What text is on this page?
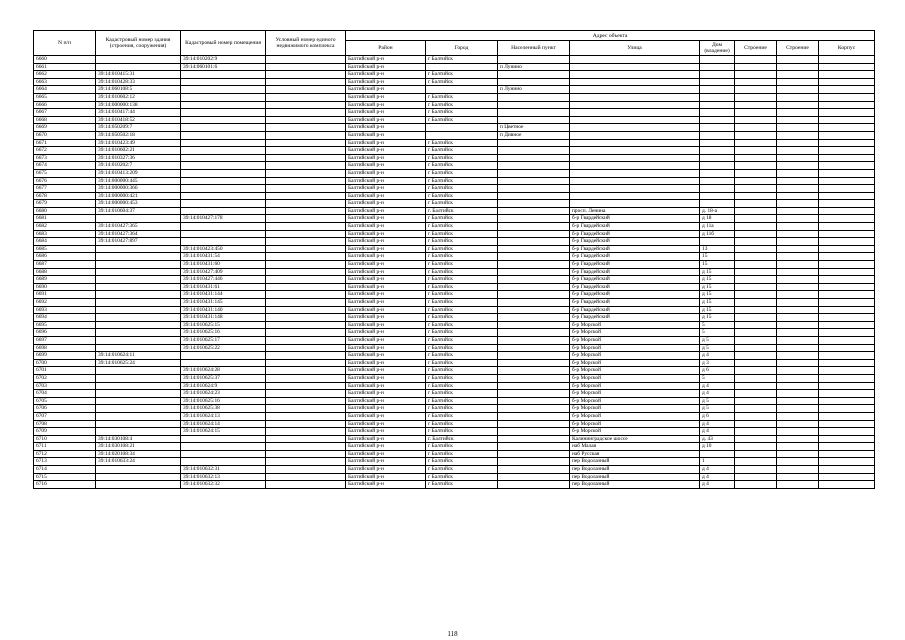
N п/п	Кадастровый номер здания (строения, сооружения)	Кадастровый номер помещения	Условный номер единого недвижимого комплекса	Адрес объекта							
				Район	Город	Населенный пункт	Улица	Дом (владение)	Строение	Строение	Корпус
6660		39:14:010202:9		Балтийский р-н	г Балтийск						
6661		39:14:060101:6		Балтийский р-н		п Лунино					
6662	39:14:010415:31			Балтийский р-н	г Балтийск						
6663	39:14:010428:33			Балтийский р-н	г Балтийск						
6664	39:14:060108:5			Балтийский р-н		п Лунино					
6665	39:14:010602:12			Балтийский р-н	г Балтийск						
6666	39:14:000000:138			Балтийский р-н	г Балтийск						
6667	39:14:010417:44			Балтийский р-н	г Балтийск						
6668	39:14:010418:52			Балтийский р-н	г Балтийск						
6669	39:14:050209:7			Балтийский р-н		п Цветное					
6670	39:14:050502:18			Балтийский р-н		п Дивное					
6671	39:14:010423:49			Балтийский р-н	г Балтийск						
6672	39:14:010602:21			Балтийский р-н	г Балтийск						
6673	39:14:010327:36			Балтийский р-н	г Балтийск						
6674	39:14:010202:7			Балтийский р-н	г Балтийск						
6675	39:14:010413:209			Балтийский р-н	г Балтийск						
6676	39:14:000000:445			Балтийский р-н	г Балтийск						
6677	39:14:000000:366			Балтийский р-н	г Балтийск						
6678	39:14:000000:421			Балтийский р-н	г Балтийск						
6679	39:14:000000:453			Балтийский р-н	г Балтийск						
6680	39:14:010604:37			Балтийский р-н	г. Балтийск		просп. Ленина	д. 18-а			
6681		39:14:010427:178		Балтийский р-н	г Балтийск		б-р Гвардейский	д 18			
6682	39:14:010427:365			Балтийский р-н	г Балтийск		б-р Гвардейский	д 11а			
6683	39:14:010427:364			Балтийский р-н	г Балтийск		б-р Гвардейский	д 11б			
6684	39:14:010427:897			Балтийский р-н	г Балтийск		б-р Гвардейский				
6685		39:14:010423:450		Балтийский р-н	г Балтийск		б-р Гвардейский	13			
6686		39:14:010431:54		Балтийский р-н	г Балтийск		б-р Гвардейский	15			
6687		39:14:010431:60		Балтийский р-н	г Балтийск		б-р Гвардейский	15			
6688		39:14:010427:409		Балтийский р-н	г Балтийск		б-р Гвардейский	д 15			
6689		39:14:010427:446		Балтийский р-н	г Балтийск		б-р Гвардейский	д 15			
6690		39:14:010431:61		Балтийский р-н	г Балтийск		б-р Гвардейский	д 15			
6691		39:14:010431:144		Балтийский р-н	г Балтийск		б-р Гвардейский	д 15			
6692		39:14:010431:145		Балтийский р-н	г Балтийск		б-р Гвардейский	д 15			
6693		39:14:010431:140		Балтийский р-н	г Балтийск		б-р Гвардейский	д 15			
6694		39:14:010431:148		Балтийский р-н	г Балтийск		б-р Гвардейский	д 15			
6695		39:14:010625:15		Балтийский р-н	г Балтийск		б-р Морской	5			
6696		39:14:010625:16		Балтийский р-н	г Балтийск		б-р Морской	5			
6697		39:14:010625:17		Балтийский р-н	г Балтийск		б-р Морской	д 5			
6698		39:14:010625:22		Балтийский р-н	г Балтийск		б-р Морской	д 5			
6699	39:14:010624:11			Балтийский р-н	г Балтийск		б-р Морской	д 4			
6700	39:14:010625:24			Балтийский р-н	г Балтийск		б-р Морской	д 3			
6701		39:14:010624:28		Балтийский р-н	г Балтийск		б-р Морской	д 6			
6702		39:14:010625:37		Балтийский р-н	г Балтийск		б-р Морской	5			
6703		39:14:010624:9		Балтийский р-н	г Балтийск		б-р Морской	д 4			
6704		39:14:010624:23		Балтийский р-н	г Балтийск		б-р Морской	д 4			
6705		39:14:010625:16		Балтийский р-н	г Балтийск		б-р Морской	д 5			
6706		39:14:010625:38		Балтийский р-н	г Балтийск		б-р Морской	д 5			
6707		39:14:010624:13		Балтийский р-н	г Балтийск		б-р Морской	д 6			
6708		39:14:010624:14		Балтийский р-н	г Балтийск		б-р Морской	д 4			
6709		39:14:010624:15		Балтийский р-н	г Балтийск		б-р Морской	д 4			
6710	39:14:030108:4			Балтийский р-н	г. Балтийск		Калининградское шоссе	д. 43			
6711	39:14:030108:21			Балтийский р-н	г Балтийск		наб Малая	д 10			
6712	39:14:020108:34			Балтийский р-н	г Балтийск		наб Русская				
6713	39:14:010633:24			Балтийский р-н	г Балтийск		пер Водолазный	1			
6714		39:14:010632:31		Балтийский р-н	г Балтийск		пер Водолазный	д 4			
6715		39:14:010632:13		Балтийский р-н	г Балтийск		пер Водолазный	д 4			
6716		39:14:010632:32		Балтийский р-н	г Балтийск		пер Водолазный	д 4			
118
